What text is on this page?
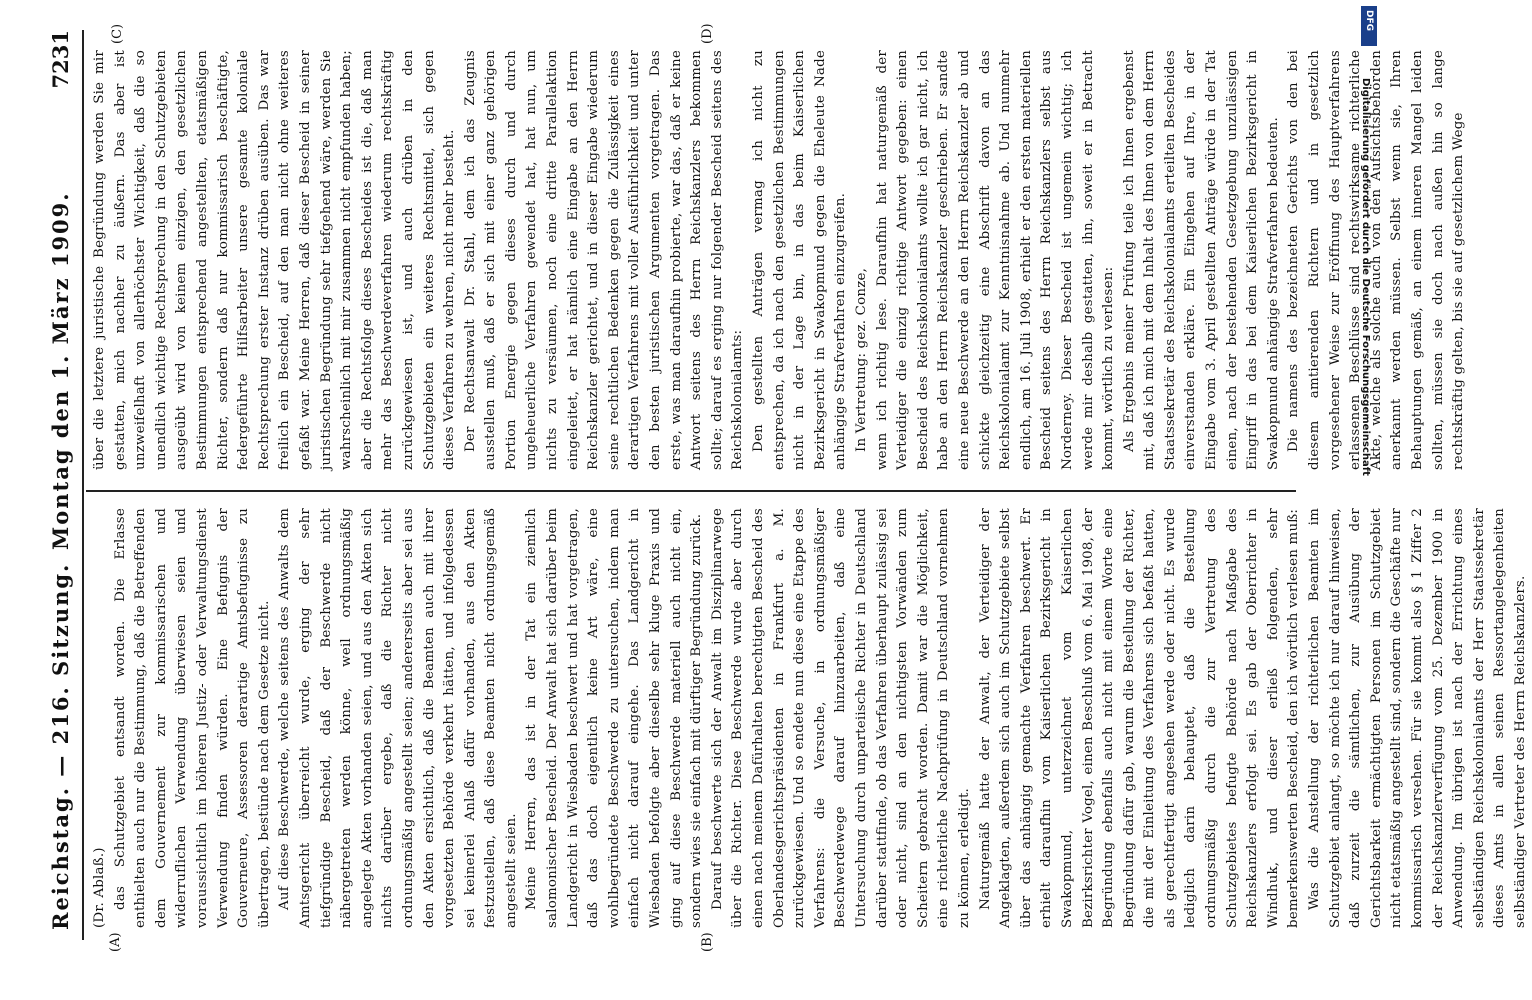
Reichstag. — 216. Sitzung.
Montag den 1. März 1909.
7231
(A)	(B)
(C)	(D)

(Dr. Ablaß.) das Schutzgebiet entsandt worden. Die Erlasse enthielten auch nur die Bestimmung, daß die Betreffenden dem Gouvernement zur kommissarischen und widerruflichen Verwendung überwiesen seien und voraussichtlich im höheren Justiz- oder Verwaltungsdienst Verwendung finden würden. Eine Befugnis der Gouverneure, Assessoren derartige Amtsbefugnisse zu übertragen, bestünde nach dem Gesetze nicht. Auf diese Beschwerde, welche seitens des Anwalts dem Amtsgericht überreicht wurde, erging der sehr tiefgründige Bescheid, daß der Beschwerde nicht nähergetreten werden könne, weil ordnungsmäßig angelegte Akten vorhanden seien, und aus den Akten sich nichts darüber ergebe, daß die Richter nicht ordnungsmäßig angestellt seien; andererseits aber sei aus den Akten ersichtlich, daß die Beamten auch mit ihrer vorgesetzten Behörde verkehrt hätten, und infolgedessen sei keinerlei Anlaß dafür vorhanden, aus den Akten festzustellen, daß diese Beamten nicht ordnungsgemäß angestellt seien. Meine Herren, das ist in der Tat ein ziemlich salomonischer Bescheid. Der Anwalt hat sich darüber beim Landgericht in Wiesbaden beschwert und hat vorgetragen, daß das doch eigentlich keine Art wäre, eine wohlbegründete Beschwerde zu untersuchen, indem man einfach nicht darauf eingehe. Das Landgericht in Wiesbaden befolgte aber dieselbe sehr kluge Praxis und ging auf diese Beschwerde materiell auch nicht ein, sondern wies sie einfach mit dürftiger Begründung zurück. Darauf beschwerte sich der Anwalt im Disziplinarwege über die Richter. Diese Beschwerde wurde aber durch einen nach meinem Dafürhalten berechtigten Bescheid des Oberlandesgerichtspräsidenten in Frankfurt a. M. zurückgewiesen. Und so endete nun diese eine Etappe des Verfahrens: die Versuche, in ordnungsmäßiger Beschwerdewege darauf hinzuarbeiten, daß eine Untersuchung durch unparteiische Richter in Deutschland darüber stattfinde, ob das Verfahren überhaupt zulässig sei oder nicht, sind an den nichtigsten Vorwänden zum Scheitern gebracht worden. Damit war die Möglichkeit, eine richterliche Nachprüfung in Deutschland vornehmen zu können, erledigt. Naturgemäß hatte der Anwalt, der Verteidiger der Angeklagten, außerdem sich auch im Schutzgebiete selbst über das anhängig gemachte Verfahren beschwert. Er erhielt daraufhin vom Kaiserlichen Bezirksgericht in Swakopmund, unterzeichnet vom Kaiserlichen Bezirksrichter Vogel, einen Beschluß vom 6. Mai 1908, der Begründung ebenfalls auch nicht mit einem Worte eine Begründung dafür gab, warum die Bestellung der Richter, die mit der Einleitung des Verfahrens sich befaßt hatten, als gerechtfertigt angesehen werde oder nicht. Es wurde lediglich darin behauptet, daß die Bestellung ordnungsmäßig durch die zur Vertretung des Schutzgebietes befugte Behörde nach Maßgabe des Reichskanzlers erfolgt sei. Es gab der Oberrichter in Windhuk, und dieser erließ folgenden, sehr bemerkenswerten Bescheid, den ich wörtlich verlesen muß: Was die Anstellung der richterlichen Beamten im Schutzgebiet anlangt, so möchte ich nur darauf hinweisen, daß zurzeit die sämtlichen, zur Ausübung der Gerichtsbarkeit ermächtigten Personen im Schutzgebiet nicht etatsmäßig angestellt sind, sondern die Geschäfte nur kommissarisch versehen. Für sie kommt also § 1 Ziffer 2 der Reichskanzlerverfügung vom 25. Dezember 1900 in Anwendung. Im übrigen ist nach der Errichtung eines selbständigen Reichskolonialamts der Herr Staatssekretär dieses Amts in allen seinen Ressortangelegenheiten selbständiger Vertreter des Herrn Reichskanzlers.

über die letztere juristische Begründung werden Sie mir gestatten, mich nachher zu äußern. Das aber ist unzweifelhaft von allerhöchster Wichtigkeit, daß die so unendlich wichtige Rechtsprechung in den Schutzgebieten ausgeübt wird von keinem einzigen, den gesetzlichen Bestimmungen entsprechend angestellten, etatsmäßigen Richter, sondern daß nur kommissarisch beschäftigte, federgeführte Hilfsarbeiter unsere gesamte koloniale Rechtsprechung erster Instanz drüben ausüben. Das war freilich ein Bescheid, auf den man nicht ohne weiteres gefaßt war. Meine Herren, daß dieser Bescheid in seiner juristischen Begründung sehr tiefgehend wäre, werden Sie wahrscheinlich mit mir zusammen nicht empfunden haben; aber die Rechtsfolge dieses Bescheides ist die, daß man mehr das Beschwerdeverfahren wiederum rechtskräftig zurückgewiesen ist, und auch drüben in den Schutzgebieten ein weiteres Rechtsmittel, sich gegen dieses Verfahren zu wehren, nicht mehr besteht. Der Rechtsanwalt Dr. Stahl, dem ich das Zeugnis ausstellen muß, daß er sich mit einer ganz gehörigen Portion Energie gegen dieses durch und durch ungeheuerliche Verfahren gewendet hat, hat nun, um nichts zu versäumen, noch eine dritte Parallelaktion eingeleitet, er hat nämlich eine Eingabe an den Herrn Reichskanzler gerichtet, und in dieser Eingabe wiederum seine rechtlichen Bedenken gegen die Zulässigkeit eines derartigen Verfahrens mit voller Ausführlichkeit und unter den besten juristischen Argumenten vorgetragen. Das erste, was man daraufhin probierte, war das, daß er keine Antwort seitens des Herrn Reichskanzlers bekommen sollte; darauf es erging nur folgender Bescheid seitens des Reichskolonialamts: Den gestellten Anträgen vermag ich nicht zu entsprechen, da ich nach den gesetzlichen Bestimmungen nicht in der Lage bin, in das beim Kaiserlichen Bezirksgericht in Swakopmund gegen die Eheleute Nade anhängige Strafverfahren einzugreifen. In Vertretung: gez. Conze, wenn ich richtig lese. Daraufhin hat naturgemäß der Verteidiger die einzig richtige Antwort gegeben: einen Bescheid des Reichskolonialamts wollte ich gar nicht, ich habe an den Herrn Reichskanzler geschrieben. Er sandte eine neue Beschwerde an den Herrn Reichskanzler ab und schickte gleichzeitig eine Abschrift davon an das Reichskolonialamt zur Kenntnisnahme ab. Und nunmehr endlich, am 16. Juli 1908, erhielt er den ersten materiellen Bescheid seitens des Herrn Reichskanzlers selbst aus Norderney. Dieser Bescheid ist ungemein wichtig; ich werde mir deshalb gestatten, ihn, soweit er in Betracht kommt, wörtlich zu verlesen: Als Ergebnis meiner Prüfung teile ich Ihnen ergebenst mit, daß ich mich mit dem Inhalt des Ihnen von dem Herrn Staatssekretär des Reichskolonialamts erteilten Bescheides einverstanden erkläre. Ein Eingehen auf Ihre, in der Eingabe vom 3. April gestellten Anträge würde in der Tat einen, nach der bestehenden Gesetzgebung unzulässigen Eingriff in das bei dem Kaiserlichen Bezirksgericht in Swakopmund anhängige Strafverfahren bedeuten. Die namens des bezeichneten Gerichts von den bei diesem amtierenden Richtern und in gesetzlich vorgesehener Weise zur Eröffnung des Hauptverfahrens erlassenen Beschlüsse sind rechtswirksame richterliche Akte, welche als solche auch von den Aufsichtsbehörden anerkannt werden müssen. Selbst wenn sie, Ihren Behauptungen gemäß, an einem inneren Mangel leiden sollten, müssen sie doch nach außen hin so lange rechtskräftig gelten, bis sie auf gesetzlichem Wege

DFG
Digitalisierung gefördert durch die Deutsche Forschungsgemeinschaft
